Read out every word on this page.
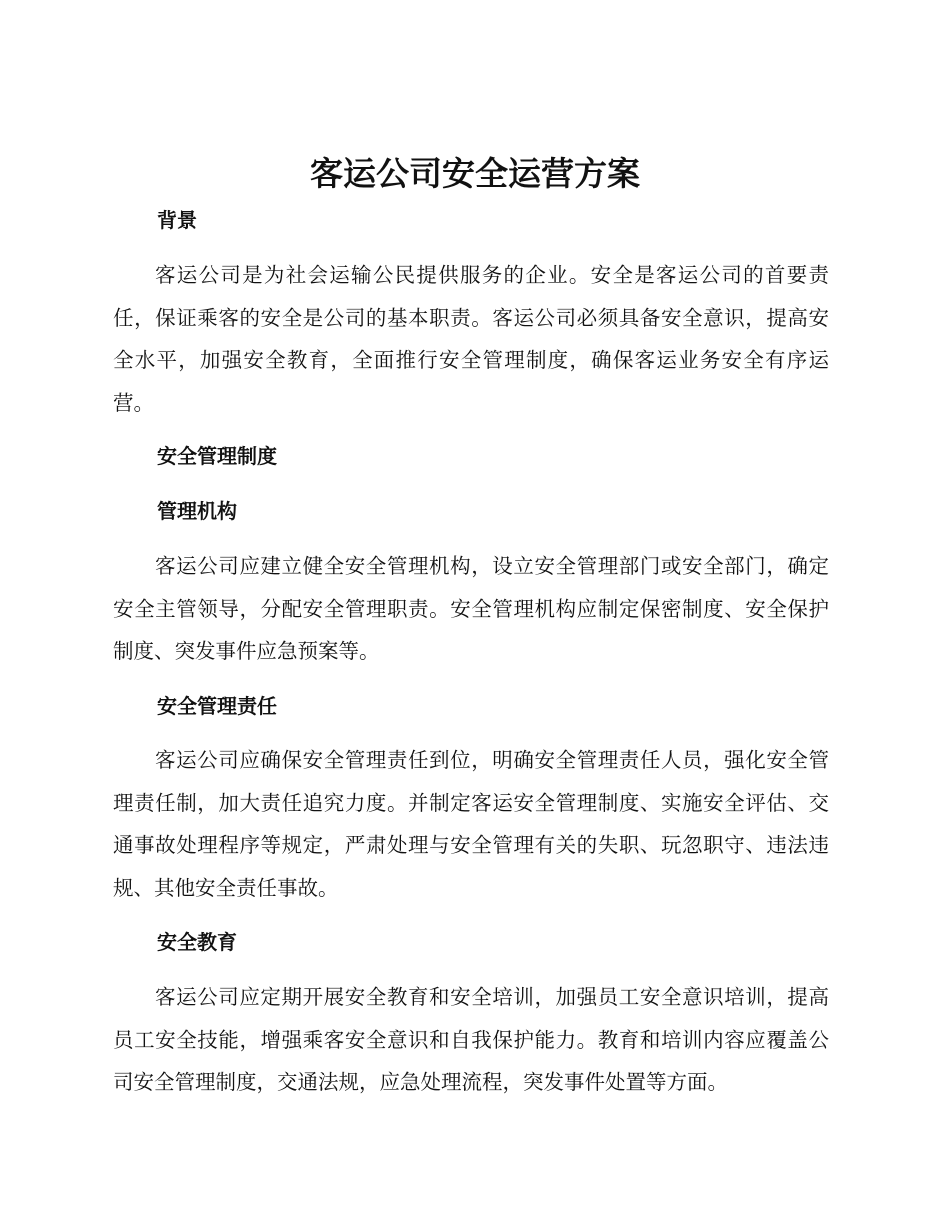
客运公司安全运营方案
背景

客运公司是为社会运输公民提供服务的企业。安全是客运公司的首要责任，保证乘客的安全是公司的基本职责。客运公司必须具备安全意识，提高安全水平，加强安全教育，全面推行安全管理制度，确保客运业务安全有序运营。

安全管理制度
管理机构

客运公司应建立健全安全管理机构，设立安全管理部门或安全部门，确定安全主管领导，分配安全管理职责。安全管理机构应制定保密制度、安全保护制度、突发事件应急预案等。

安全管理责任

客运公司应确保安全管理责任到位，明确安全管理责任人员，强化安全管理责任制，加大责任追究力度。并制定客运安全管理制度、实施安全评估、交通事故处理程序等规定，严肃处理与安全管理有关的失职、玩忽职守、违法违规、其他安全责任事故。

安全教育

客运公司应定期开展安全教育和安全培训，加强员工安全意识培训，提高员工安全技能，增强乘客安全意识和自我保护能力。教育和培训内容应覆盖公司安全管理制度，交通法规，应急处理流程，突发事件处置等方面。
